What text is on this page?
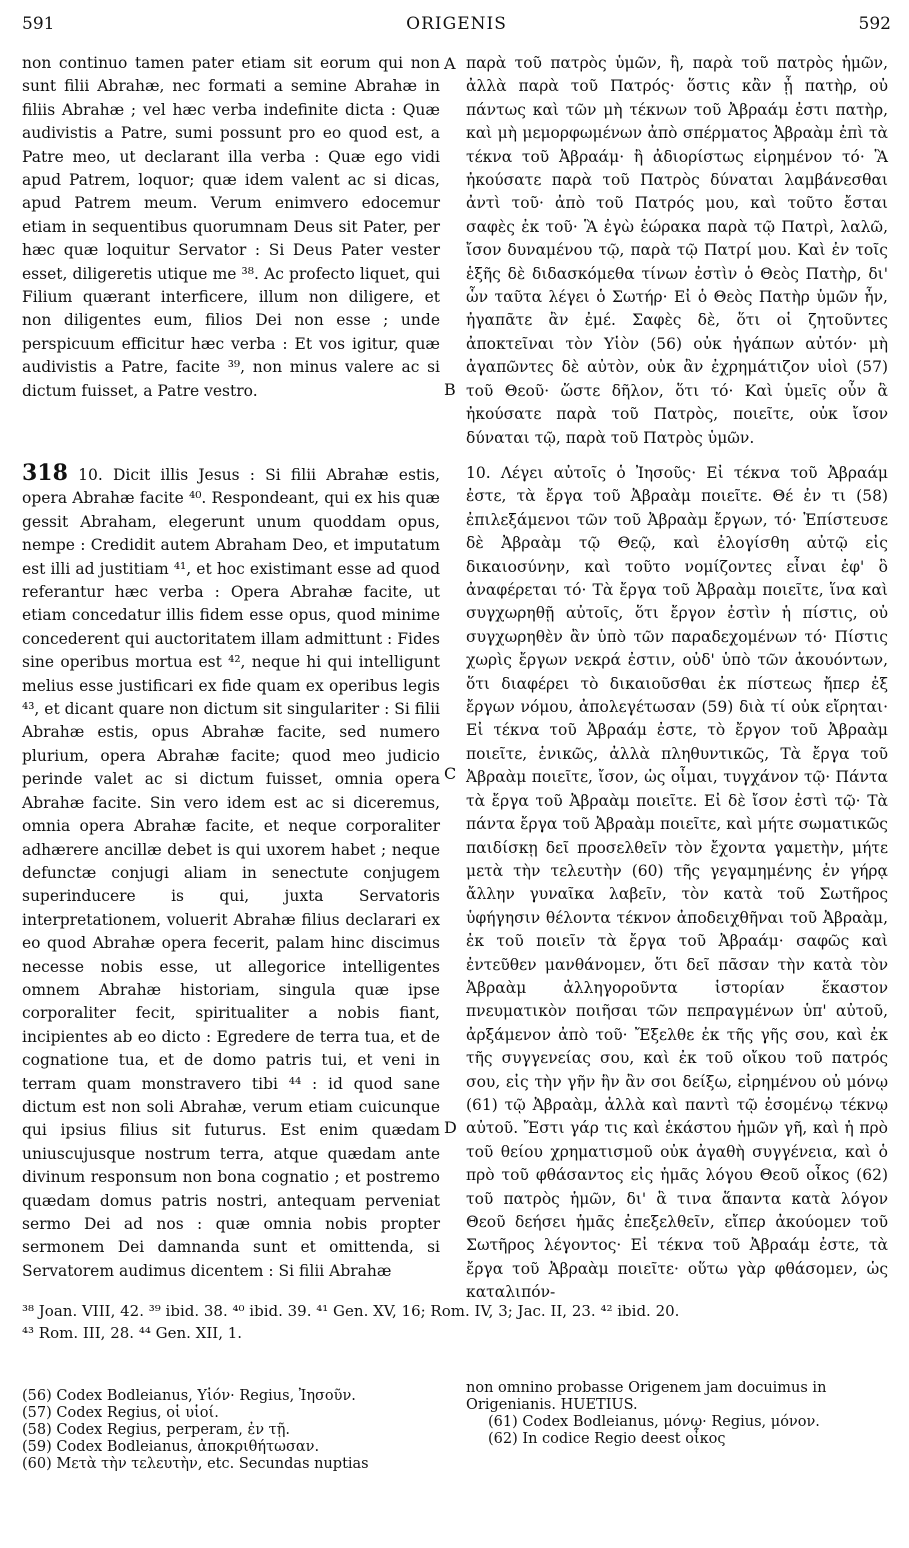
591	ORIGENIS	592

non continuo tamen pater etiam sit eorum qui non sunt filii Abrahæ, nec formati a semine Abrahæ in filiis Abrahæ ; vel hæc verba indefinite dicta : Quæ audivistis a Patre, sumi possunt pro eo quod est, a Patre meo, ut declarant illa verba : Quæ ego vidi apud Patrem, loquor; quæ idem valent ac si dicas, apud Patrem meum. Verum enimvero edocemur etiam in sequentibus quorumnam Deus sit Pater, per hæc quæ loquitur Servator : Si Deus Pater vester esset, diligeretis utique me ³⁸. Ac profecto liquet, qui Filium quærant interficere, illum non diligere, et non diligentes eum, filios Dei non esse ; unde perspicuum efficitur hæc verba : Et vos igitur, quæ audivistis a Patre, facite ³⁹, non minus valere ac si dictum fuisset, a Patre vestro.

318 10. Dicit illis Jesus : Si filii Abrahæ estis, opera Abrahæ facite ⁴⁰. Respondeant, qui ex his quæ gessit Abraham, elegerunt unum quoddam opus, nempe : Credidit autem Abraham Deo, et imputatum est illi ad justitiam ⁴¹, et hoc existimant esse ad quod referantur hæc verba : Opera Abrahæ facite, ut etiam concedatur illis fidem esse opus, quod minime concederent qui auctoritatem illam admittunt : Fides sine operibus mortua est ⁴², neque hi qui intelligunt melius esse justificari ex fide quam ex operibus legis ⁴³, et dicant quare non dictum sit singulariter : Si filii Abrahæ estis, opus Abrahæ facite, sed numero plurium, opera Abrahæ facite; quod meo judicio perinde valet ac si dictum fuisset, omnia opera Abrahæ facite. Sin vero idem est ac si diceremus, omnia opera Abrahæ facite, et neque corporaliter adhærere ancillæ debet is qui uxorem habet ; neque defunctæ conjugi aliam in senectute conjugem superinducere is qui, juxta Servatoris interpretationem, voluerit Abrahæ filius declarari ex eo quod Abrahæ opera fecerit, palam hinc discimus necesse nobis esse, ut allegorice intelligentes omnem Abrahæ historiam, singula quæ ipse corporaliter fecit, spiritualiter a nobis fiant, incipientes ab eo dicto : Egredere de terra tua, et de cognatione tua, et de domo patris tui, et veni in terram quam monstravero tibi ⁴⁴ : id quod sane dictum est non soli Abrahæ, verum etiam cuicunque qui ipsius filius sit futurus. Est enim quædam uniuscujusque nostrum terra, atque quædam ante divinum responsum non bona cognatio ; et postremo quædam domus patris nostri, antequam perveniat sermo Dei ad nos : quæ omnia nobis propter sermonem Dei damnanda sunt et omittenda, si Servatorem audimus dicentem : Si filii Abrahæ

παρὰ τοῦ πατρὸς ὑμῶν, ἢ, παρὰ τοῦ πατρὸς ἡμῶν, ἀλλὰ παρὰ τοῦ Πατρός· ὅστις κἂν ᾖ πατὴρ, οὐ πάντως καὶ τῶν μὴ τέκνων τοῦ Ἀβραάμ ἐστι πατὴρ, καὶ μὴ μεμορφωμένων ἀπὸ σπέρματος Ἀβραὰμ ἐπὶ τὰ τέκνα τοῦ Ἀβραάμ· ἢ ἀδιορίστως εἰρημένον τό· Ἃ ἠκούσατε παρὰ τοῦ Πατρὸς δύναται λαμβάνεσθαι ἀντὶ τοῦ· ἀπὸ τοῦ Πατρός μου, καὶ τοῦτο ἔσται σαφὲς ἐκ τοῦ· Ἃ ἐγὼ ἑώρακα παρὰ τῷ Πατρὶ, λαλῶ, ἴσον δυναμένου τῷ, παρὰ τῷ Πατρί μου. Καὶ ἐν τοῖς ἑξῆς δὲ διδασκόμεθα τίνων ἐστὶν ὁ Θεὸς Πατὴρ, δι' ὧν ταῦτα λέγει ὁ Σωτήρ· Εἰ ὁ Θεὸς Πατὴρ ὑμῶν ἦν, ἠγαπᾶτε ἂν ἐμέ. Σαφὲς δὲ, ὅτι οἱ ζητοῦντες ἀποκτεῖναι τὸν Υἱὸν (56) οὐκ ἠγάπων αὐτόν· μὴ ἀγαπῶντες δὲ αὐτὸν, οὐκ ἂν ἐχρημάτιζον υἱοὶ (57) τοῦ Θεοῦ· ὥστε δῆλον, ὅτι τό· Καὶ ὑμεῖς οὖν ἃ ἠκούσατε παρὰ τοῦ Πατρὸς, ποιεῖτε, οὐκ ἴσον δύναται τῷ, παρὰ τοῦ Πατρὸς ὑμῶν.

10. Λέγει αὐτοῖς ὁ Ἰησοῦς· Εἰ τέκνα τοῦ Ἀβραάμ ἐστε, τὰ ἔργα τοῦ Ἀβραὰμ ποιεῖτε. Θέ ἐν τι (58) ἐπιλεξάμενοι τῶν τοῦ Ἀβραὰμ ἔργων, τό· Ἐπίστευσε δὲ Ἀβραὰμ τῷ Θεῷ, καὶ ἐλογίσθη αὐτῷ εἰς δικαιοσύνην, καὶ τοῦτο νομίζοντες εἶναι ἐφ' ὃ ἀναφέρεται τό· Τὰ ἔργα τοῦ Ἀβραὰμ ποιεῖτε, ἵνα καὶ συγχωρηθῇ αὐτοῖς, ὅτι ἔργον ἐστὶν ἡ πίστις, οὐ συγχωρηθὲν ἂν ὑπὸ τῶν παραδεχομένων τό· Πίστις χωρὶς ἔργων νεκρά ἐστιν, οὐδ' ὑπὸ τῶν ἀκουόντων, ὅτι διαφέρει τὸ δικαιοῦσθαι ἐκ πίστεως ἤπερ ἐξ ἔργων νόμου, ἀπολεγέτωσαν (59) διὰ τί οὐκ εἴρηται· Εἰ τέκνα τοῦ Ἀβραάμ ἐστε, τὸ ἔργον τοῦ Ἀβραὰμ ποιεῖτε, ἑνικῶς, ἀλλὰ πληθυντικῶς, Τὰ ἔργα τοῦ Ἀβραὰμ ποιεῖτε, ἴσον, ὡς οἶμαι, τυγχάνον τῷ· Πάντα τὰ ἔργα τοῦ Ἀβραὰμ ποιεῖτε. Εἰ δὲ ἴσον ἐστὶ τῷ· Τὰ πάντα ἔργα τοῦ Ἀβραὰμ ποιεῖτε, καὶ μήτε σωματικῶς παιδίσκῃ δεῖ προσελθεῖν τὸν ἔχοντα γαμετὴν, μήτε μετὰ τὴν τελευτὴν (60) τῆς γεγαμημένης ἐν γήρᾳ ἄλλην γυναῖκα λαβεῖν, τὸν κατὰ τοῦ Σωτῆρος ὑφήγησιν θέλοντα τέκνον ἀποδειχθῆναι τοῦ Ἀβραὰμ, ἐκ τοῦ ποιεῖν τὰ ἔργα τοῦ Ἀβραάμ· σαφῶς καὶ ἐντεῦθεν μανθάνομεν, ὅτι δεῖ πᾶσαν τὴν κατὰ τὸν Ἀβραὰμ ἀλληγοροῦντα ἱστορίαν ἕκαστον πνευματικὸν ποιῆσαι τῶν πεπραγμένων ὑπ' αὐτοῦ, ἀρξάμενον ἀπὸ τοῦ· Ἔξελθε ἐκ τῆς γῆς σου, καὶ ἐκ τῆς συγγενείας σου, καὶ ἐκ τοῦ οἴκου τοῦ πατρός σου, εἰς τὴν γῆν ἣν ἂν σοι δείξω, εἰρημένου οὐ μόνῳ (61) τῷ Ἀβραὰμ, ἀλλὰ καὶ παντὶ τῷ ἐσομένῳ τέκνῳ αὐτοῦ. Ἔστι γάρ τις καὶ ἑκάστου ἡμῶν γῆ, καὶ ἡ πρὸ τοῦ θείου χρηματισμοῦ οὐκ ἀγαθὴ συγγένεια, καὶ ὁ πρὸ τοῦ φθάσαντος εἰς ἡμᾶς λόγου Θεοῦ οἶκος (62) τοῦ πατρὸς ἡμῶν, δι' ἃ τινα ἅπαντα κατὰ λόγον Θεοῦ δεήσει ἡμᾶς ἐπεξελθεῖν, εἴπερ ἀκούομεν τοῦ Σωτῆρος λέγοντος· Εἰ τέκνα τοῦ Ἀβραάμ ἐστε, τὰ ἔργα τοῦ Ἀβραὰμ ποιεῖτε· οὕτω γὰρ φθάσομεν, ὡς καταλιπόν-

A
B
C
D

³⁸ Joan. VIII, 42. ³⁹ ibid. 38. ⁴⁰ ibid. 39. ⁴¹ Gen. XV, 16; Rom. IV, 3; Jac. II, 23. ⁴² ibid. 20.

⁴³ Rom. III, 28. ⁴⁴ Gen. XII, 1.

(56) Codex Bodleianus, Υἱόν· Regius, Ἰησοῦν.

(57) Codex Regius, οἱ υἱοί.

(58) Codex Regius, perperam, ἐν τῇ.

(59) Codex Bodleianus, ἀποκριθήτωσαν.

(60) Μετὰ τὴν τελευτὴν, etc. Secundas nuptias

non omnino probasse Origenem jam docuimus in Origenianis. HUETIUS.

(61) Codex Bodleianus, μόνῳ· Regius, μόνον.

(62) In codice Regio deest οἶκος
